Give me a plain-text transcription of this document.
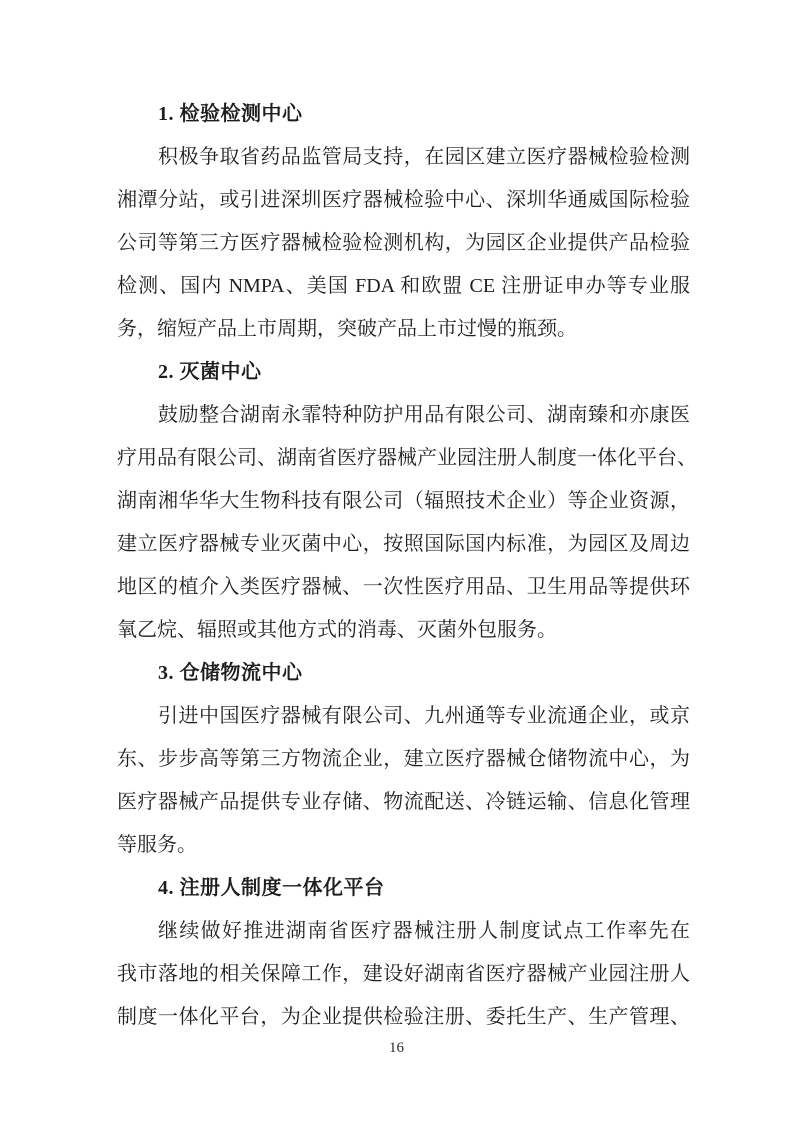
1. 检验检测中心
积极争取省药品监管局支持，在园区建立医疗器械检验检测
湘潭分站，或引进深圳医疗器械检验中心、深圳华通威国际检验
公司等第三方医疗器械检验检测机构，为园区企业提供产品检验
检测、国内 NMPA、美国 FDA 和欧盟 CE 注册证申办等专业服
务，缩短产品上市周期，突破产品上市过慢的瓶颈。
2. 灭菌中心
鼓励整合湖南永霏特种防护用品有限公司、湖南臻和亦康医
疗用品有限公司、湖南省医疗器械产业园注册人制度一体化平台、
湖南湘华华大生物科技有限公司（辐照技术企业）等企业资源，
建立医疗器械专业灭菌中心，按照国际国内标准，为园区及周边
地区的植介入类医疗器械、一次性医疗用品、卫生用品等提供环
氧乙烷、辐照或其他方式的消毒、灭菌外包服务。
3. 仓储物流中心
引进中国医疗器械有限公司、九州通等专业流通企业，或京
东、步步高等第三方物流企业，建立医疗器械仓储物流中心，为
医疗器械产品提供专业存储、物流配送、冷链运输、信息化管理
等服务。
4. 注册人制度一体化平台
继续做好推进湖南省医疗器械注册人制度试点工作率先在
我市落地的相关保障工作，建设好湖南省医疗器械产业园注册人
制度一体化平台，为企业提供检验注册、委托生产、生产管理、
16
